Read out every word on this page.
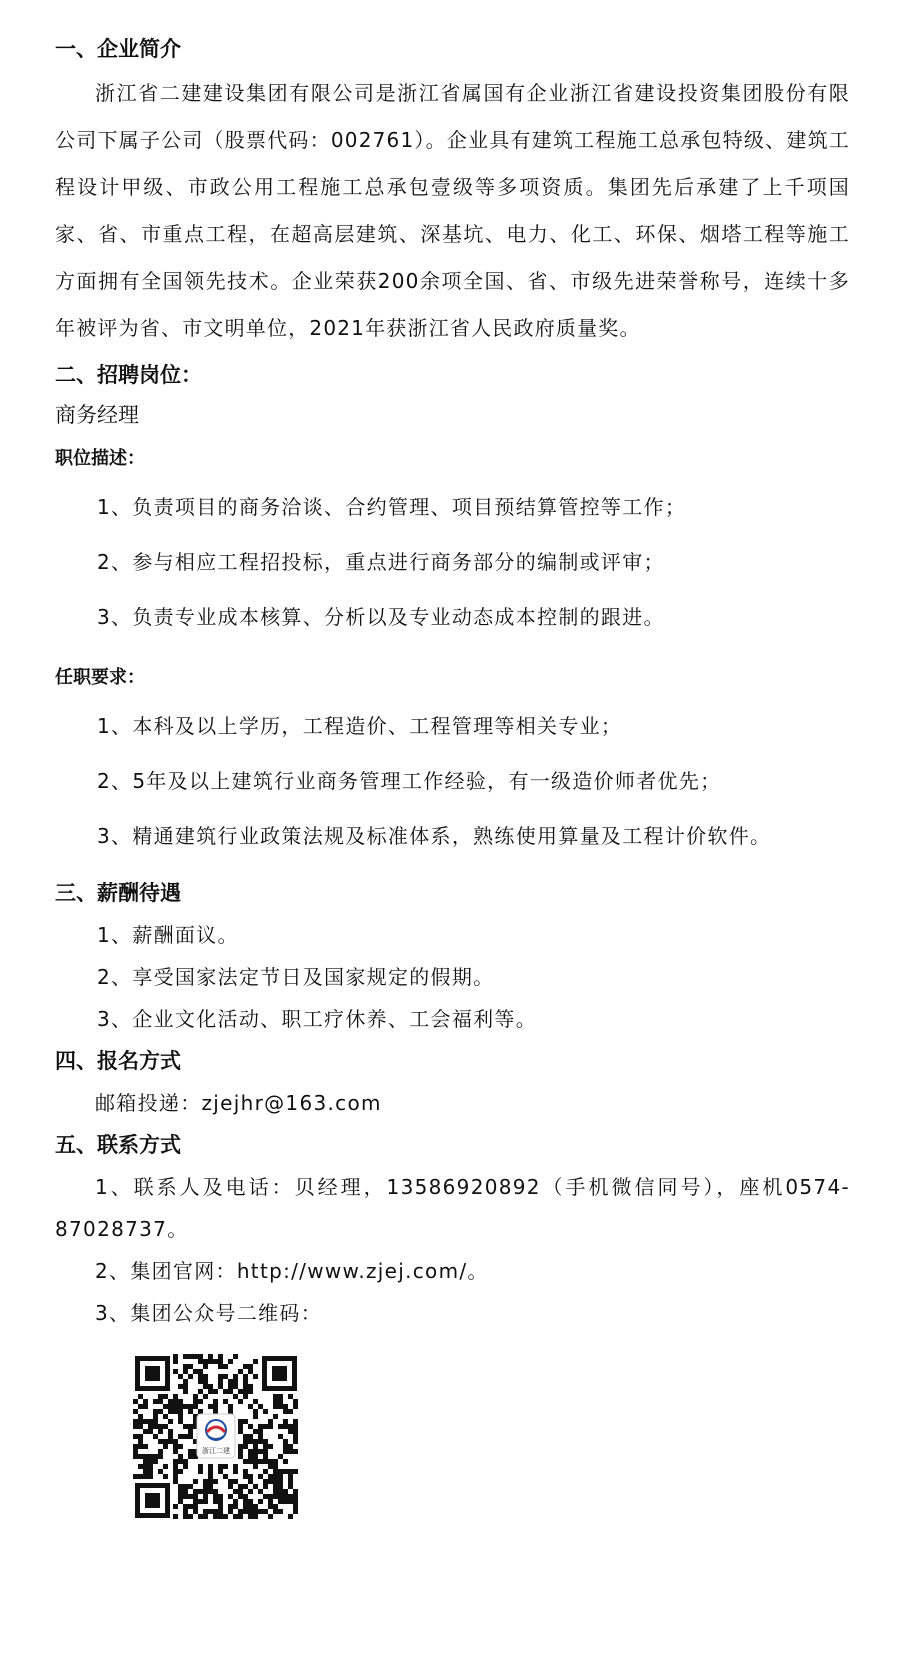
一、企业简介

浙江省二建建设集团有限公司是浙江省属国有企业浙江省建设投资集团股份有限公司下属子公司（股票代码：002761）。企业具有建筑工程施工总承包特级、建筑工程设计甲级、市政公用工程施工总承包壹级等多项资质。集团先后承建了上千项国家、省、市重点工程，在超高层建筑、深基坑、电力、化工、环保、烟塔工程等施工方面拥有全国领先技术。企业荣获200余项全国、省、市级先进荣誉称号，连续十多年被评为省、市文明单位，2021年获浙江省人民政府质量奖。

二、招聘岗位：

商务经理

职位描述：

1、负责项目的商务洽谈、合约管理、项目预结算管控等工作；

2、参与相应工程招投标，重点进行商务部分的编制或评审；

3、负责专业成本核算、分析以及专业动态成本控制的跟进。

任职要求：

1、本科及以上学历，工程造价、工程管理等相关专业；

2、5年及以上建筑行业商务管理工作经验，有一级造价师者优先；

3、精通建筑行业政策法规及标准体系，熟练使用算量及工程计价软件。

三、薪酬待遇

1、薪酬面议。

2、享受国家法定节日及国家规定的假期。

3、企业文化活动、职工疗休养、工会福利等。

四、报名方式

邮箱投递：zjejhr@163.com

五、联系方式

1、联系人及电话：贝经理，13586920892（手机微信同号），座机0574-87028737。

2、集团官网：http://www.zjej.com/。

3、集团公众号二维码：

浙江二建
